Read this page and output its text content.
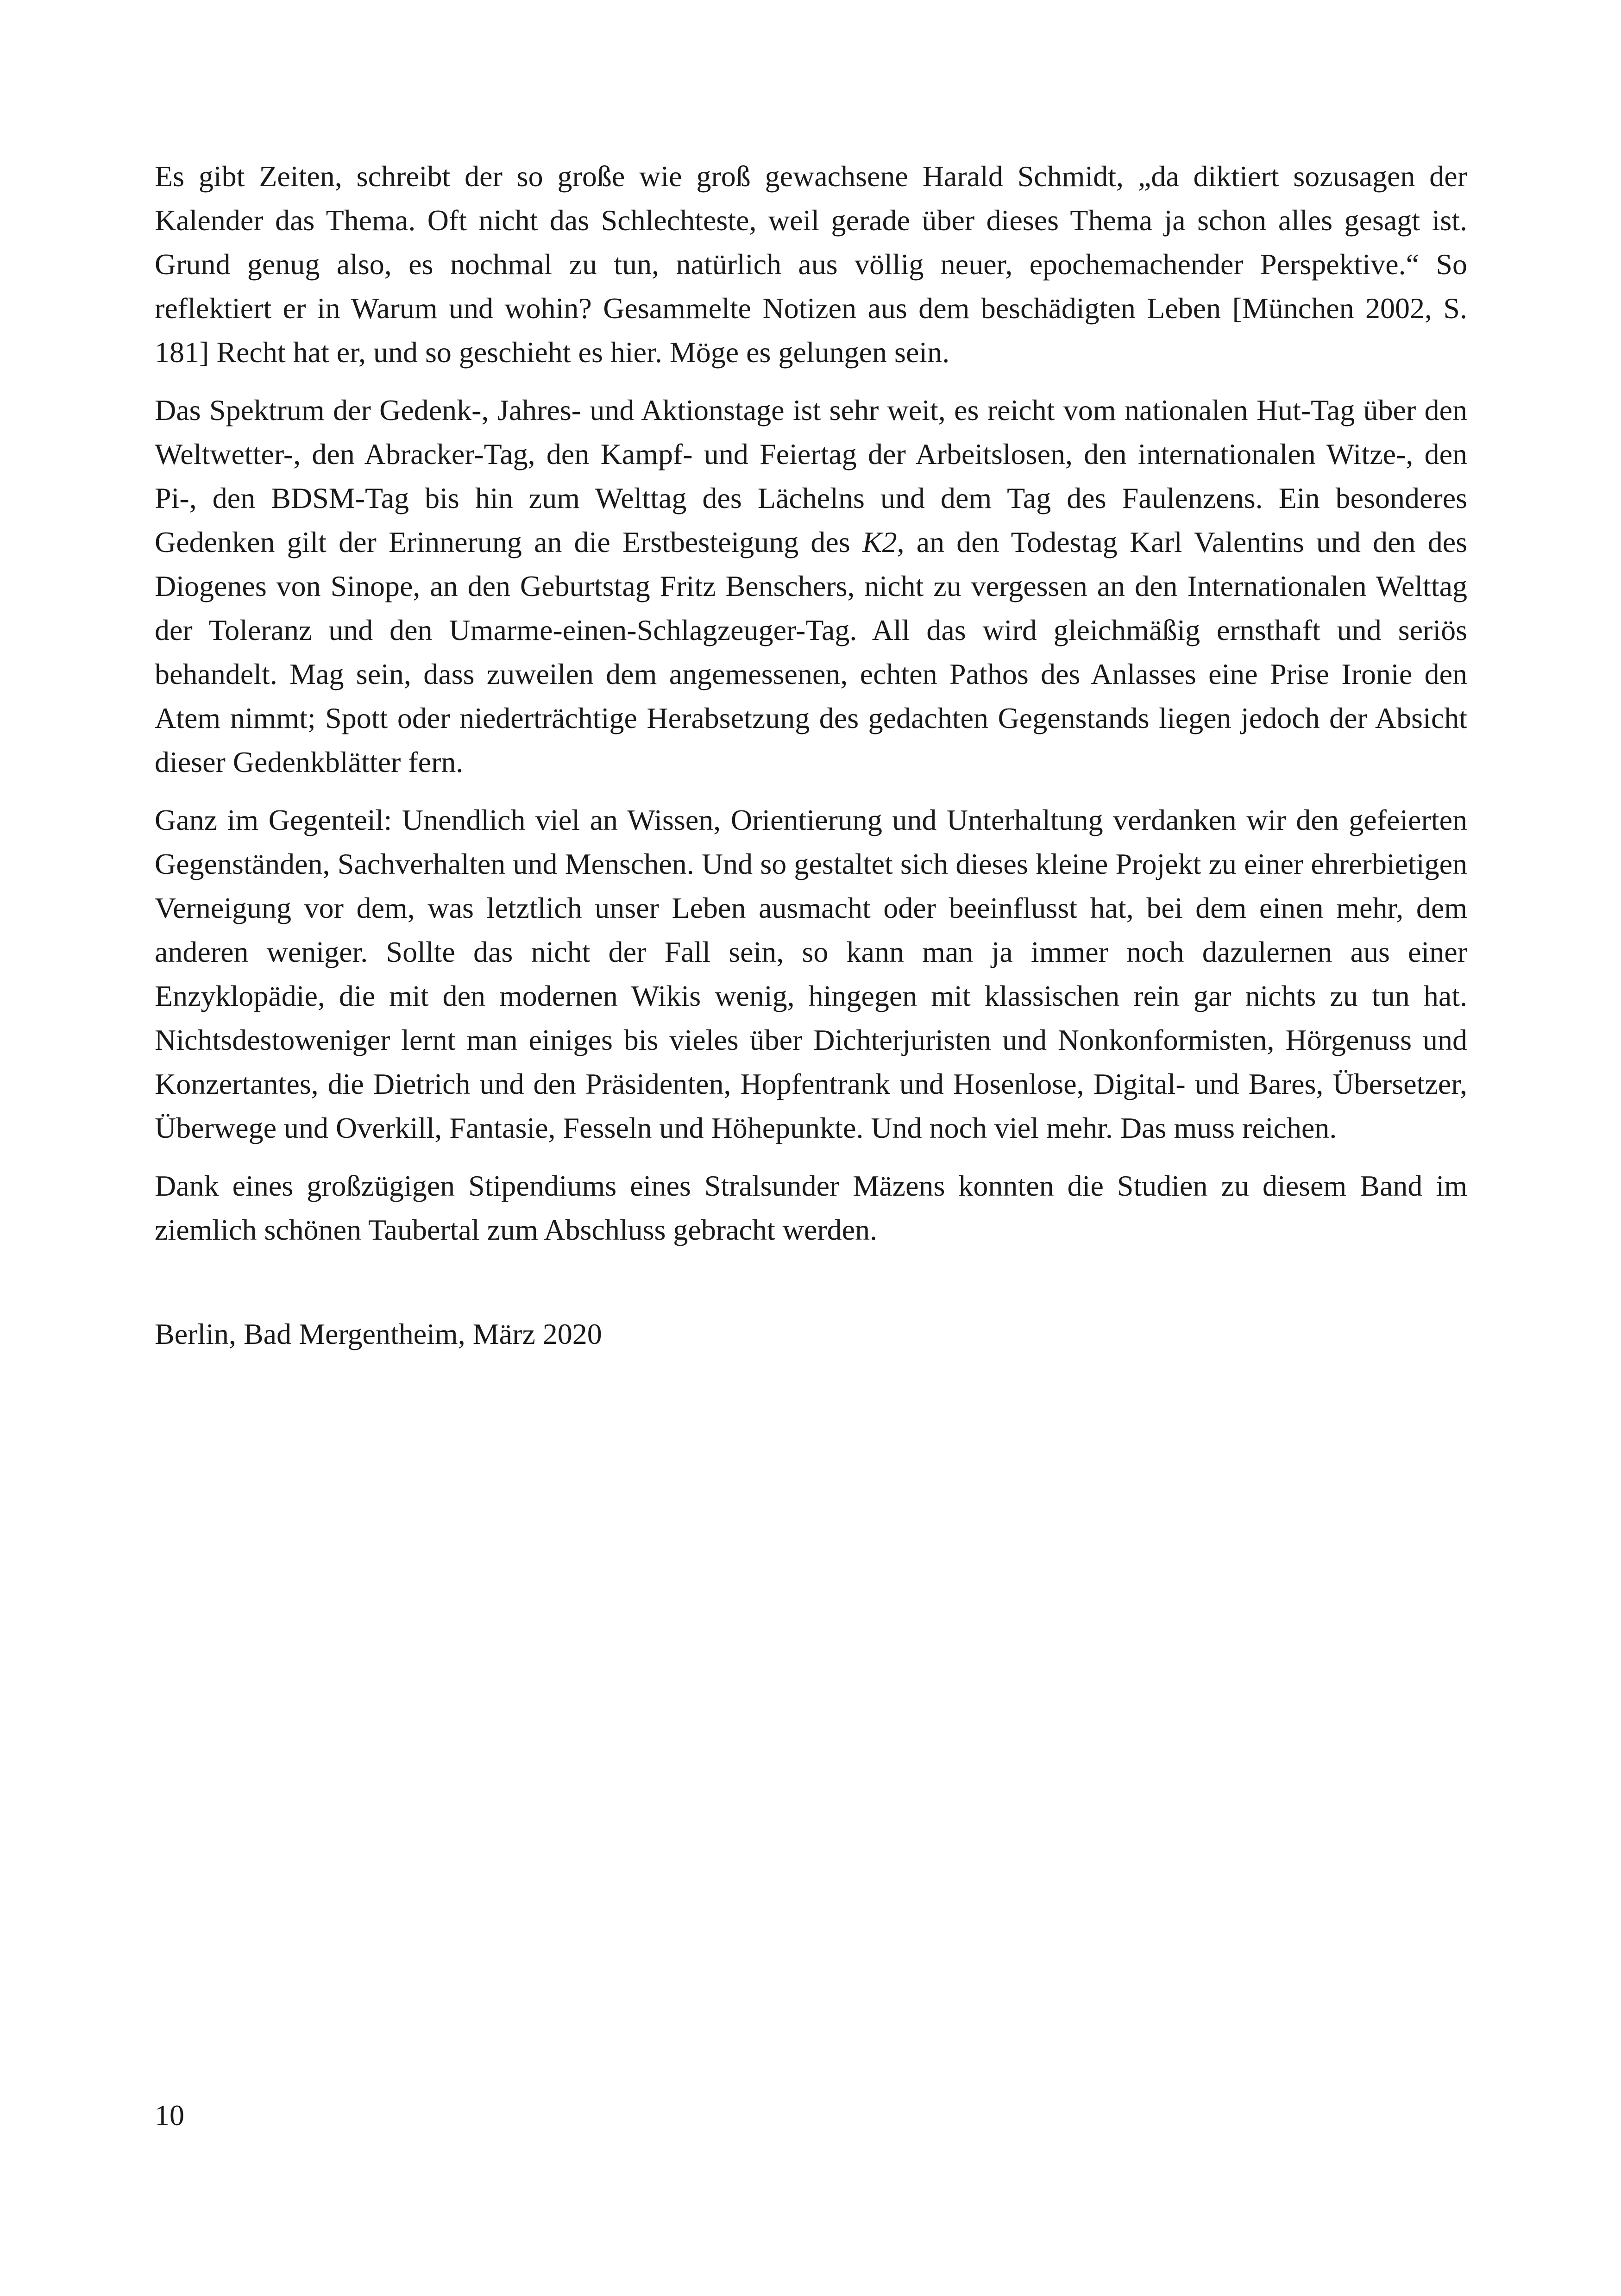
Es gibt Zeiten, schreibt der so große wie groß gewachsene Harald Schmidt, „da diktiert sozusagen der Kalender das Thema. Oft nicht das Schlechteste, weil gerade über dieses Thema ja schon alles gesagt ist. Grund genug also, es nochmal zu tun, natürlich aus völlig neuer, epochemachender Perspektive.“ So reflektiert er in Warum und wohin? Gesammelte Notizen aus dem beschädigten Leben [München 2002, S. 181] Recht hat er, und so geschieht es hier. Möge es gelungen sein.

Das Spektrum der Gedenk-, Jahres- und Aktionstage ist sehr weit, es reicht vom nationalen Hut-Tag über den Weltwetter-, den Abracker-Tag, den Kampf- und Feiertag der Arbeitslosen, den internationalen Witze-, den Pi-, den BDSM-Tag bis hin zum Welttag des Lächelns und dem Tag des Faulenzens. Ein besonderes Gedenken gilt der Erinnerung an die Erstbesteigung des K2, an den Todestag Karl Valentins und den des Diogenes von Sinope, an den Geburtstag Fritz Benschers, nicht zu vergessen an den Internationalen Welttag der Toleranz und den Umarme-einen-Schlagzeuger-Tag. All das wird gleichmäßig ernsthaft und seriös behandelt. Mag sein, dass zuweilen dem angemessenen, echten Pathos des Anlasses eine Prise Ironie den Atem nimmt; Spott oder niederträchtige Herabsetzung des gedachten Gegenstands liegen jedoch der Absicht dieser Gedenkblätter fern.

Ganz im Gegenteil: Unendlich viel an Wissen, Orientierung und Unterhaltung verdanken wir den gefeierten Gegenständen, Sachverhalten und Menschen. Und so gestaltet sich dieses kleine Projekt zu einer ehrerbietigen Verneigung vor dem, was letztlich unser Leben ausmacht oder beeinflusst hat, bei dem einen mehr, dem anderen weniger. Sollte das nicht der Fall sein, so kann man ja immer noch dazulernen aus einer Enzyklopädie, die mit den modernen Wikis wenig, hingegen mit klassischen rein gar nichts zu tun hat. Nichtsdestoweniger lernt man einiges bis vieles über Dichterjuristen und Nonkonformisten, Hörgenuss und Konzertantes, die Dietrich und den Präsidenten, Hopfentrank und Hosenlose, Digital- und Bares, Übersetzer, Überwege und Overkill, Fantasie, Fesseln und Höhepunkte. Und noch viel mehr. Das muss reichen.

Dank eines großzügigen Stipendiums eines Stralsunder Mäzens konnten die Studien zu diesem Band im ziemlich schönen Taubertal zum Abschluss gebracht werden.

Berlin, Bad Mergentheim, März 2020
10
